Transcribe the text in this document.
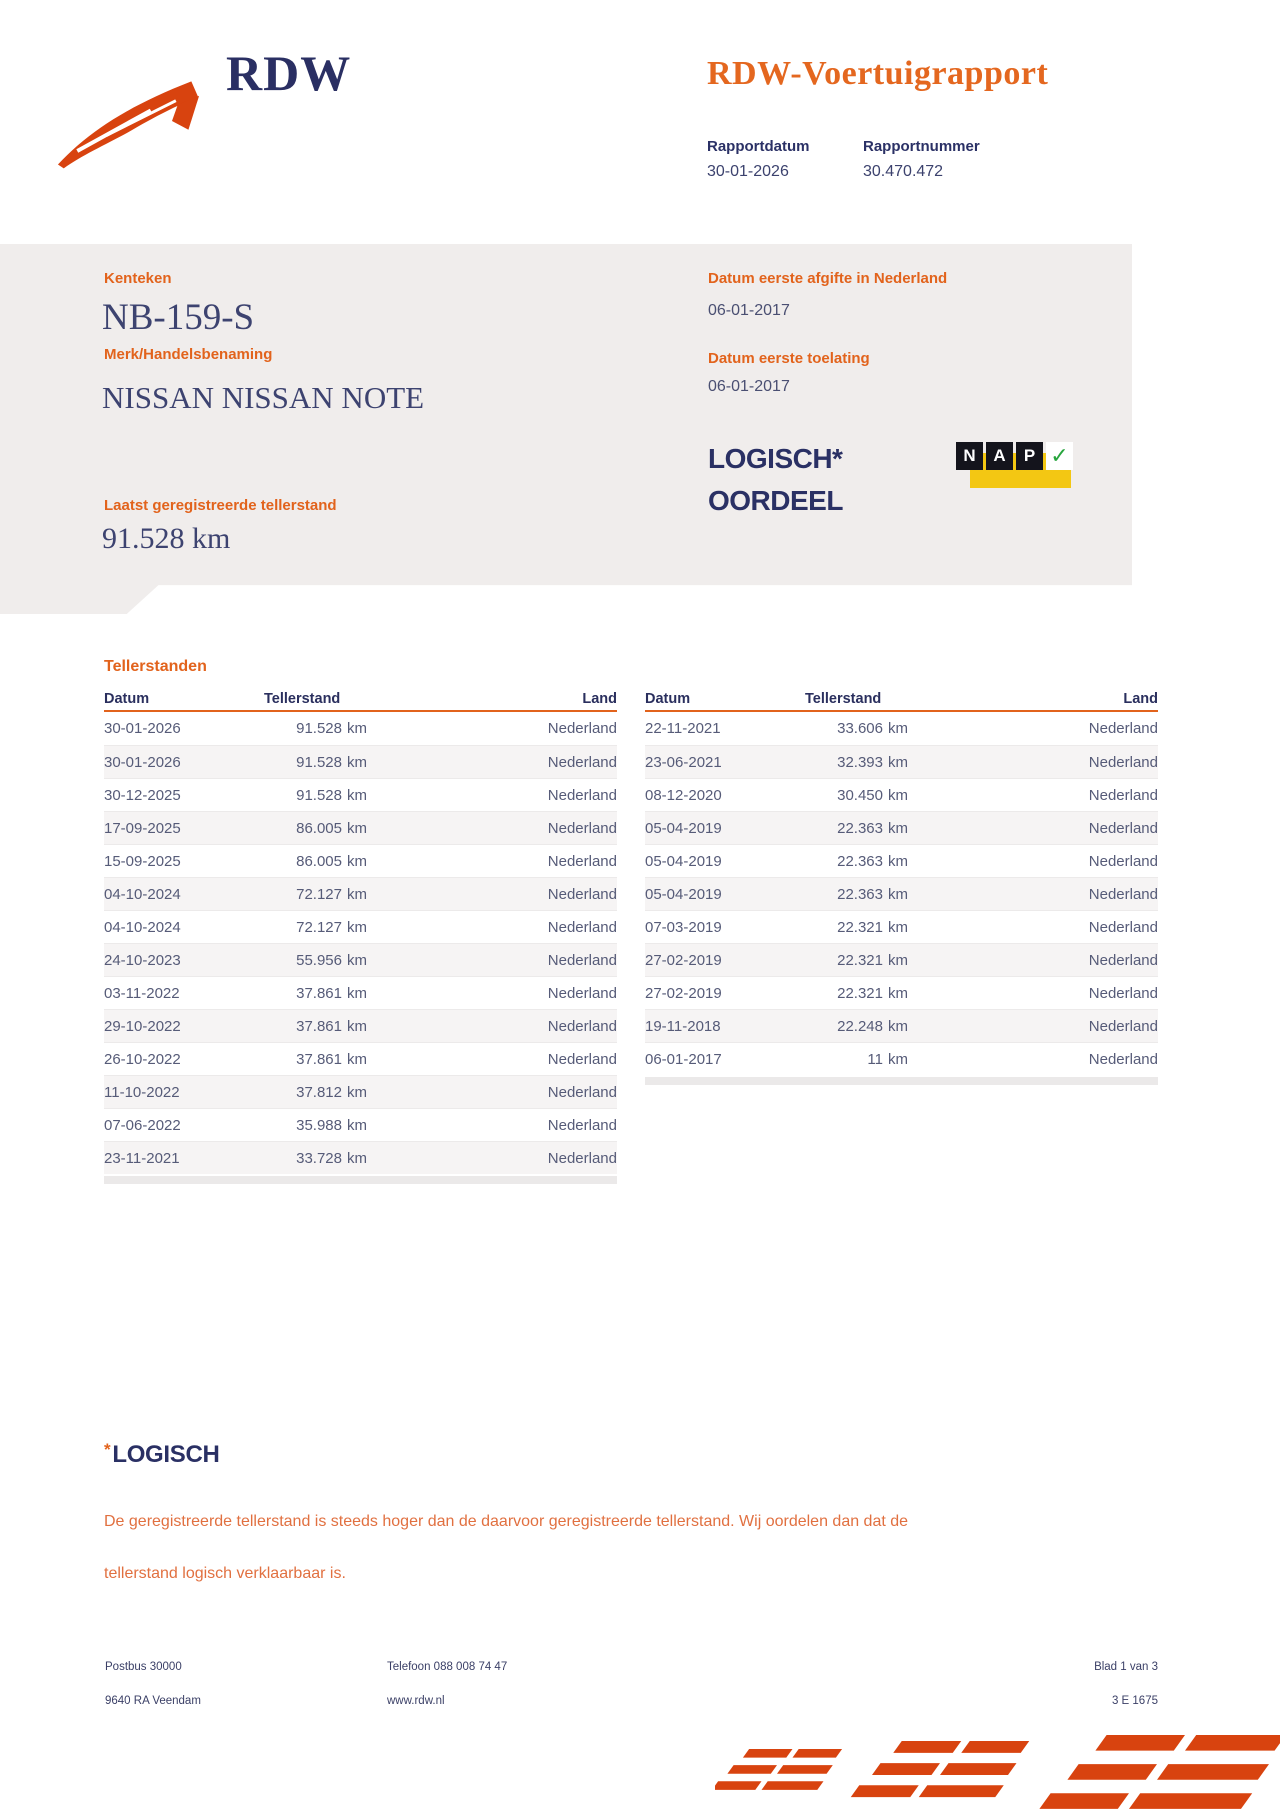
RDW	RDW-Voertuigrapport
Rapportdatum	Rapportnummer
30-01-2026	30.470.472
Kenteken
NB-159-S
Merk/Handelsbenaming
NISSAN NISSAN NOTE
Laatst geregistreerde tellerstand
91.528 km
Datum eerste afgifte in Nederland
06-01-2017
Datum eerste toelating
06-01-2017
LOGISCH*
OORDEEL
N	A	P ✓
Tellerstanden
Datum	Tellerstand	Land
30-01-2026	91.528 km	Nederland
30-01-2026	91.528 km	Nederland
30-12-2025	91.528 km	Nederland
17-09-2025	86.005 km	Nederland
15-09-2025	86.005 km	Nederland
04-10-2024	72.127 km	Nederland
04-10-2024	72.127 km	Nederland
24-10-2023	55.956 km	Nederland
03-11-2022	37.861 km	Nederland
29-10-2022	37.861 km	Nederland
26-10-2022	37.861 km	Nederland
11-10-2022	37.812 km	Nederland
07-06-2022	35.988 km	Nederland
23-11-2021	33.728 km	Nederland
Datum	Tellerstand	Land
22-11-2021	33.606 km	Nederland
23-06-2021	32.393 km	Nederland
08-12-2020	30.450 km	Nederland
05-04-2019	22.363 km	Nederland
05-04-2019	22.363 km	Nederland
05-04-2019	22.363 km	Nederland
07-03-2019	22.321 km	Nederland
27-02-2019	22.321 km	Nederland
27-02-2019	22.321 km	Nederland
19-11-2018	22.248 km	Nederland
06-01-2017	11 km	Nederland
*LOGISCH
De geregistreerde tellerstand is steeds hoger dan de daarvoor geregistreerde tellerstand. Wij oordelen dan dat de
tellerstand logisch verklaarbaar is.
Postbus 30000
9640 RA Veendam
Telefoon 088 008 74 47
www.rdw.nl
Blad 1 van 3
3 E 1675
